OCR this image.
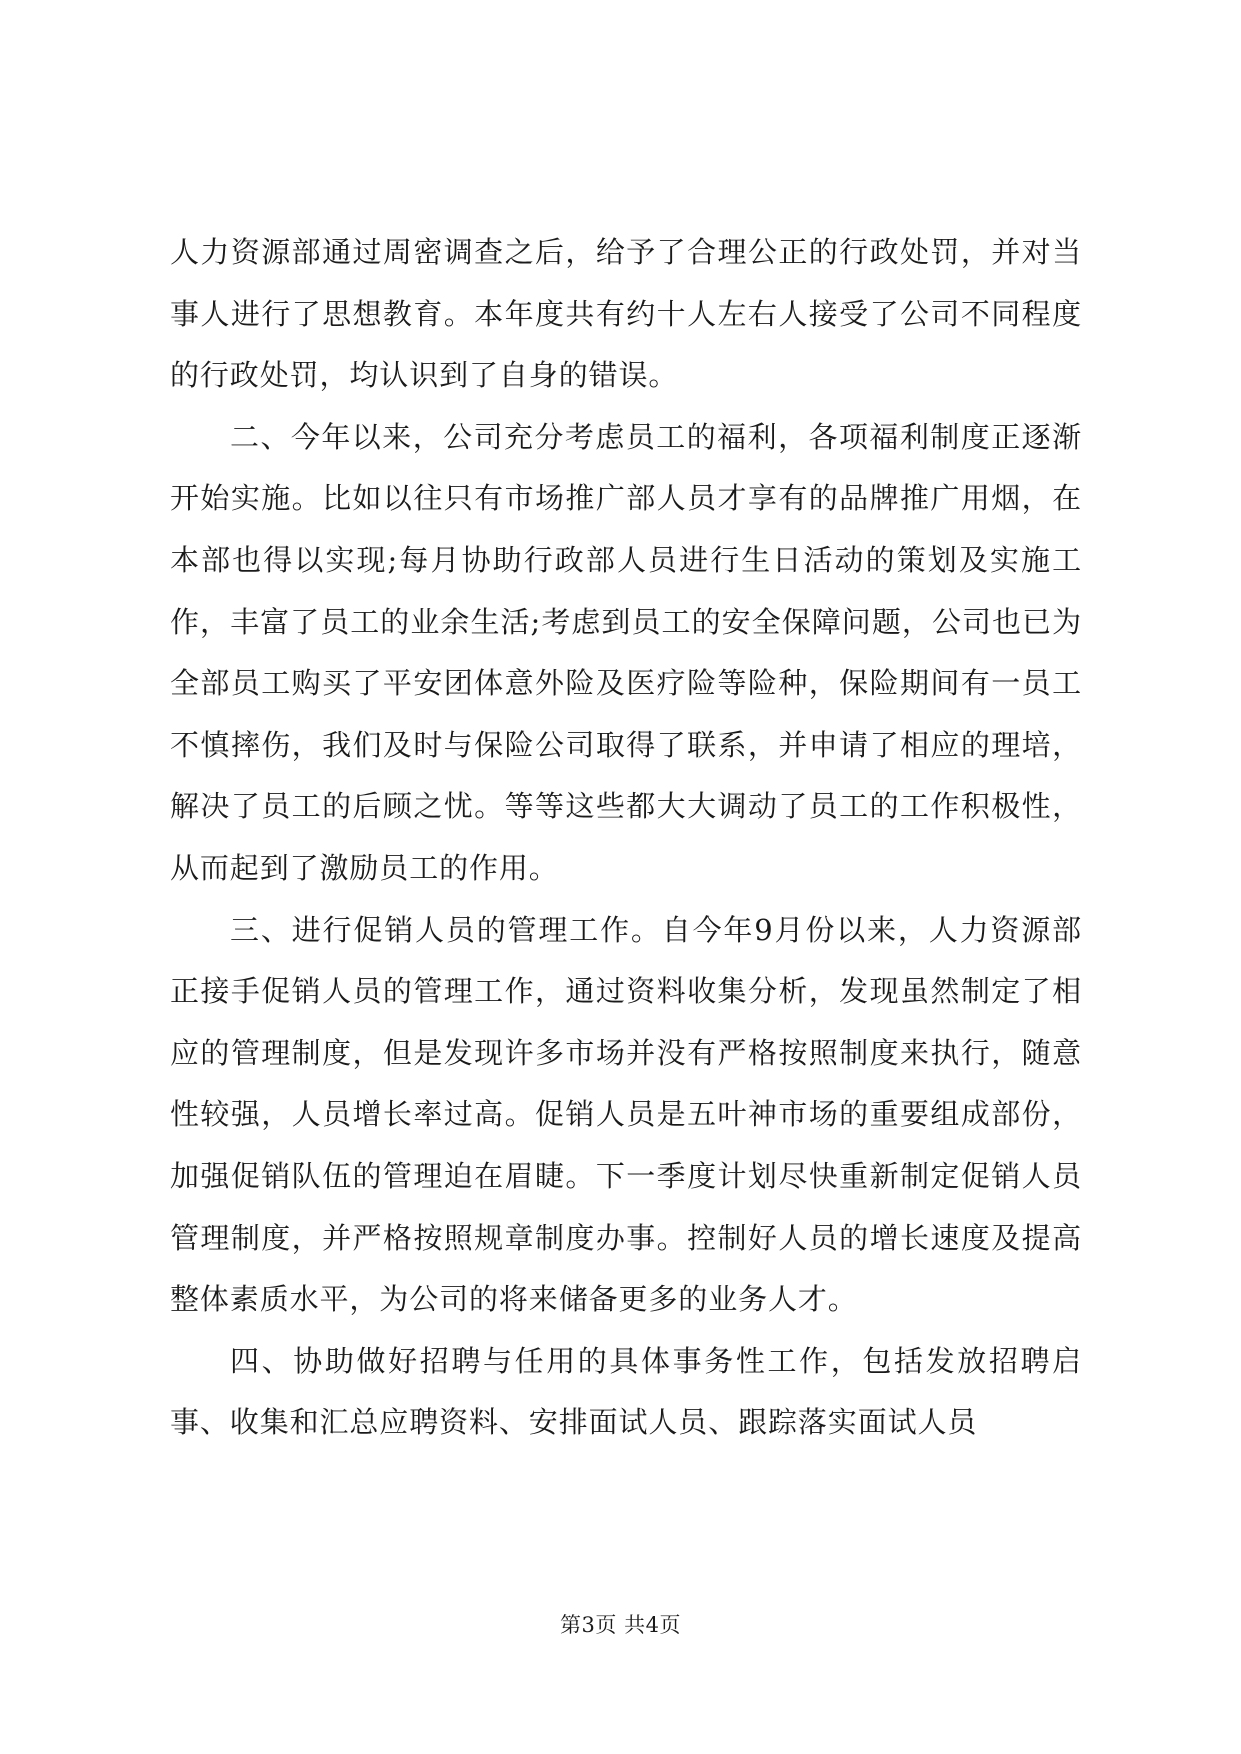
人力资源部通过周密调查之后，给予了合理公正的行政处罚，并对当事人进行了思想教育。本年度共有约十人左右人接受了公司不同程度的行政处罚，均认识到了自身的错误。

二、今年以来，公司充分考虑员工的福利，各项福利制度正逐渐开始实施。比如以往只有市场推广部人员才享有的品牌推广用烟，在本部也得以实现;每月协助行政部人员进行生日活动的策划及实施工作，丰富了员工的业余生活;考虑到员工的安全保障问题，公司也已为全部员工购买了平安团体意外险及医疗险等险种，保险期间有一员工不慎摔伤，我们及时与保险公司取得了联系，并申请了相应的理培，解决了员工的后顾之忧。等等这些都大大调动了员工的工作积极性，从而起到了激励员工的作用。

三、进行促销人员的管理工作。自今年9月份以来，人力资源部正接手促销人员的管理工作，通过资料收集分析，发现虽然制定了相应的管理制度，但是发现许多市场并没有严格按照制度来执行，随意性较强，人员增长率过高。促销人员是五叶神市场的重要组成部份，加强促销队伍的管理迫在眉睫。下一季度计划尽快重新制定促销人员管理制度，并严格按照规章制度办事。控制好人员的增长速度及提高整体素质水平，为公司的将来储备更多的业务人才。

四、协助做好招聘与任用的具体事务性工作，包括发放招聘启事、收集和汇总应聘资料、安排面试人员、跟踪落实面试人员

第3页 共4页
